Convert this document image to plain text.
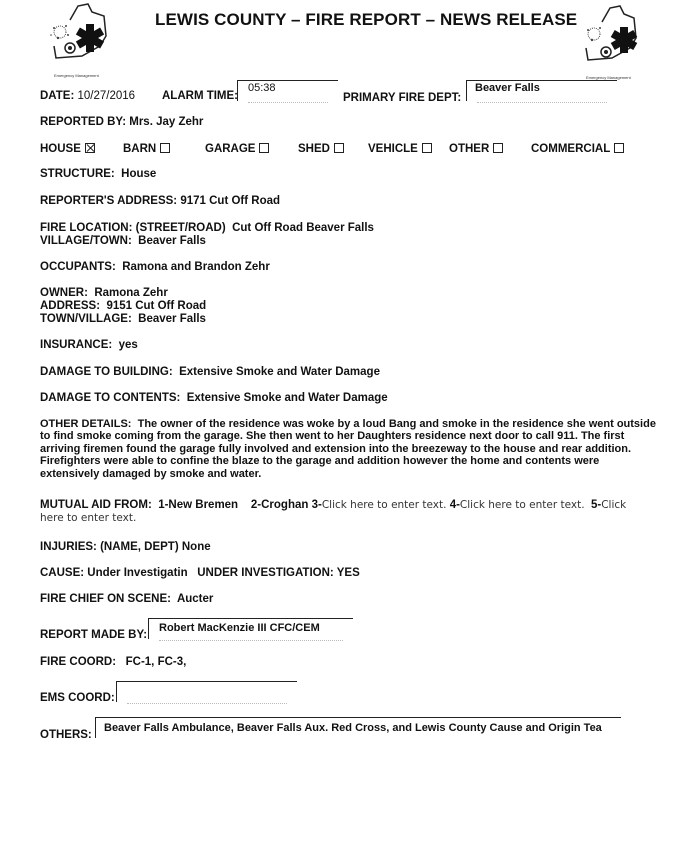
Emergency Management
LEWIS COUNTY – FIRE REPORT – NEWS RELEASE
Emergency Management
DATE: 10/27/2016 ALARM TIME:
05:38
PRIMARY FIRE DEPT:
Beaver Falls
REPORTED BY: Mrs. Jay Zehr
HOUSE	BARN	GARAGE	SHED	VEHICLE	OTHER	COMMERCIAL
STRUCTURE: House
REPORTER'S ADDRESS: 9171 Cut Off Road
FIRE LOCATION: (STREET/ROAD) Cut Off Road Beaver Falls
VILLAGE/TOWN: Beaver Falls
OCCUPANTS: Ramona and Brandon Zehr
OWNER: Ramona Zehr
ADDRESS: 9151 Cut Off Road
TOWN/VILLAGE: Beaver Falls
INSURANCE: yes
DAMAGE TO BUILDING: Extensive Smoke and Water Damage
DAMAGE TO CONTENTS: Extensive Smoke and Water Damage
OTHER DETAILS: The owner of the residence was woke by a loud Bang and smoke in the residence she went outside to find smoke coming from the garage. She then went to her Daughters residence next door to call 911. The first arriving firemen found the garage fully involved and extension into the breezeway to the house and rear addition. Firefighters were able to confine the blaze to the garage and addition however the home and contents were extensively damaged by smoke and water.
MUTUAL AID FROM: 1-New Bremen 2-Croghan 3-Click here to enter text. 4-Click here to enter text. 5-Click here to enter text.
INJURIES: (NAME, DEPT) None
CAUSE: Under Investigatin UNDER INVESTIGATION: YES
FIRE CHIEF ON SCENE: Aucter
REPORT MADE BY:
Robert MacKenzie III CFC/CEM
FIRE COORD: FC-1, FC-3,
EMS COORD:
OTHERS:
Beaver Falls Ambulance, Beaver Falls Aux. Red Cross, and Lewis County Cause and Origin Tea
